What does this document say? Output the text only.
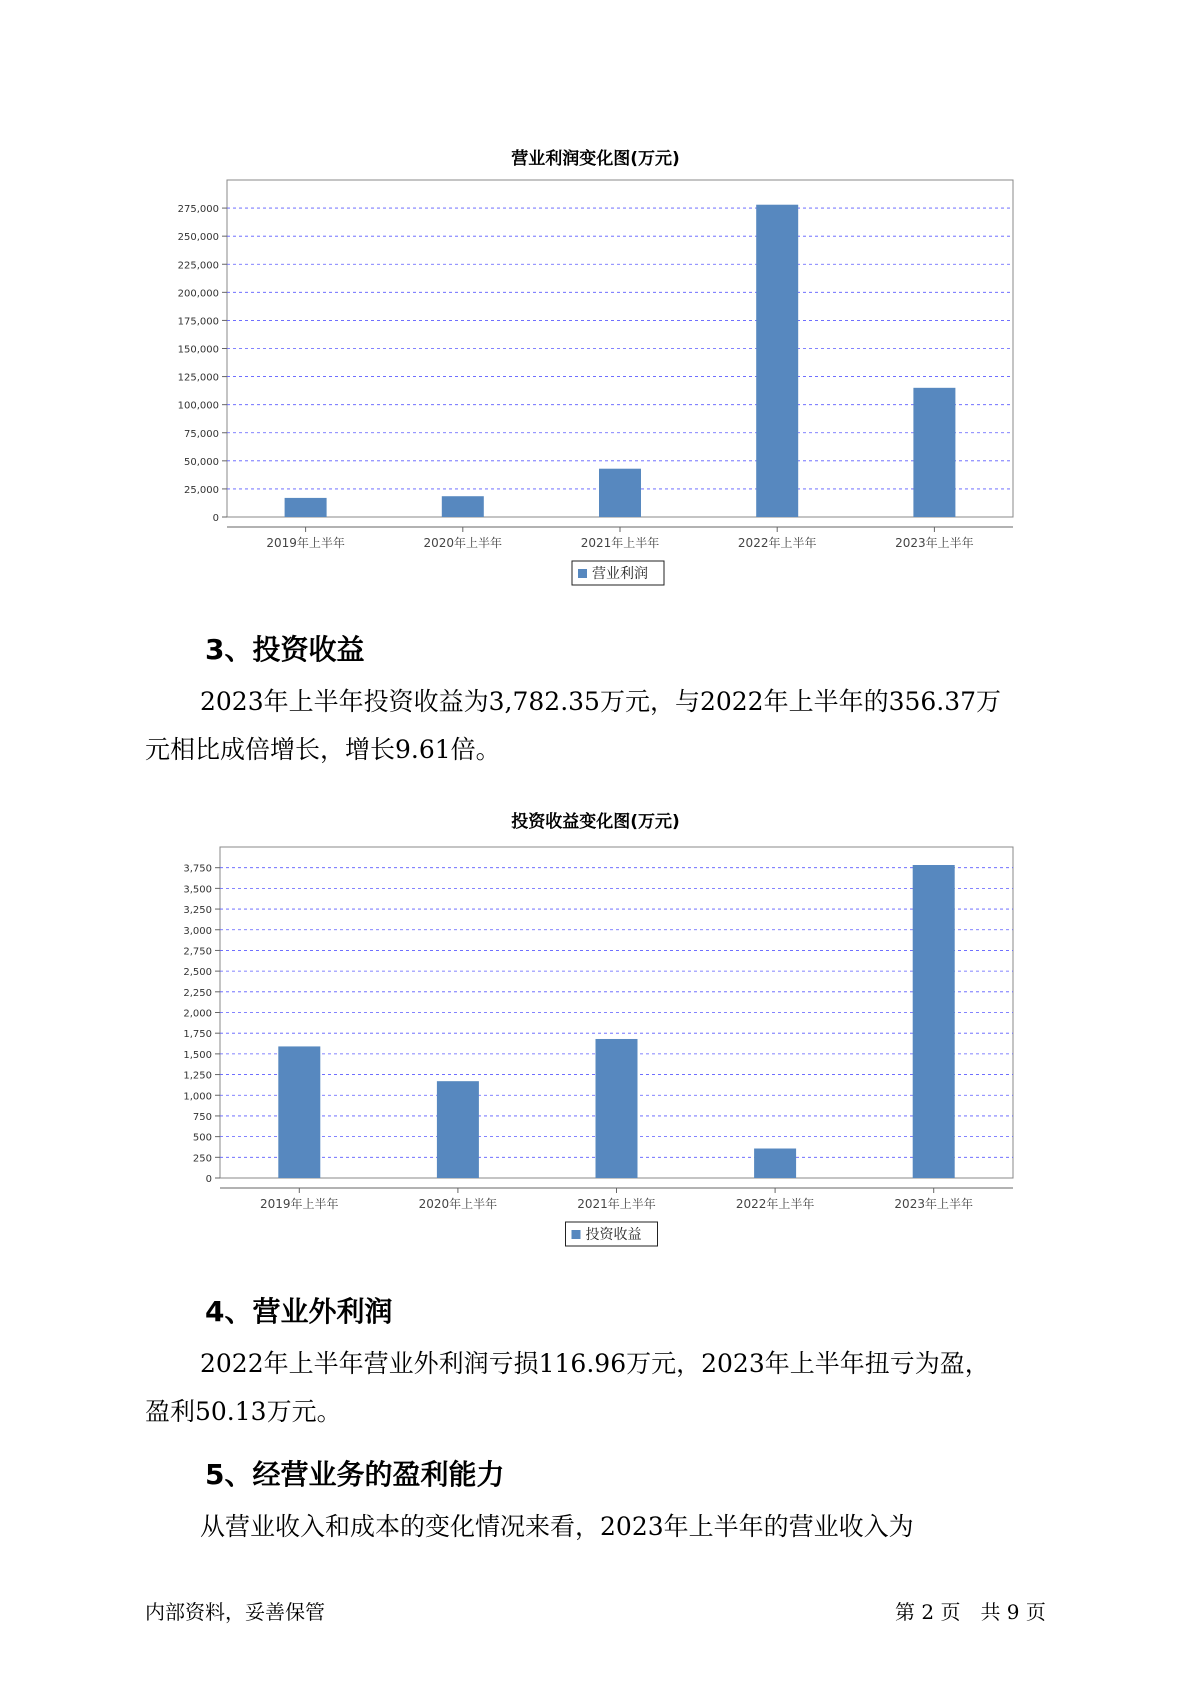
营业利润变化图(万元)
0
25,000
50,000
75,000
100,000
125,000
150,000
175,000
200,000
225,000
250,000
275,000
2019年上半年	2020年上半年	2021年上半年	2022年上半年	2023年上半年
营业利润
3、投资收益

2023年上半年投资收益为3,782.35万元，与2022年上半年的356.37万
元相比成倍增长，增长9.61倍。

投资收益变化图(万元)
0
250
500
750
1,000
1,250
1,500
1,750
2,000
2,250
2,500
2,750
3,000
3,250
3,500
3,750
2019年上半年	2020年上半年	2021年上半年	2022年上半年	2023年上半年
投资收益
4、营业外利润

2022年上半年营业外利润亏损116.96万元，2023年上半年扭亏为盈，
盈利50.13万元。

5、经营业务的盈利能力

从营业收入和成本的变化情况来看，2023年上半年的营业收入为

内部资料，妥善保管	第 2 页　共 9 页
